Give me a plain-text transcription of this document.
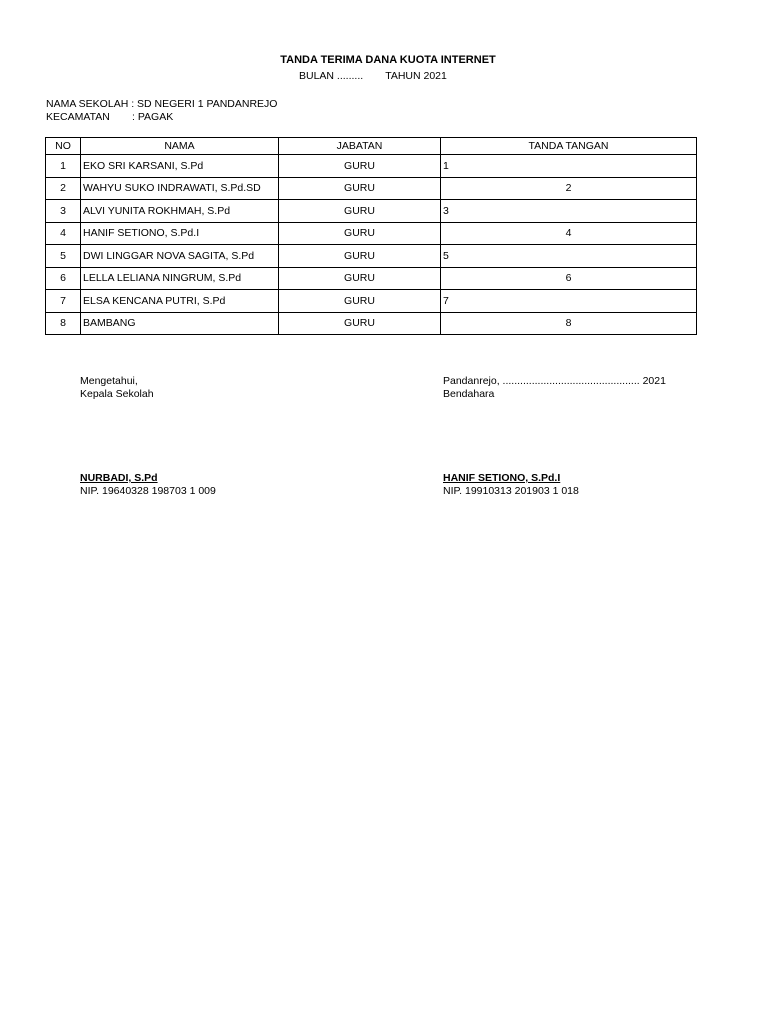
TANDA TERIMA DANA KUOTA INTERNET
BULAN ......... TAHUN 2021
NAMA SEKOLAH : SD NEGERI 1 PANDANREJO
KECAMATAN : PAGAK
NO	NAMA	JABATAN	TANDA TANGAN
1	EKO SRI KARSANI, S.Pd	GURU	1
2	WAHYU SUKO INDRAWATI, S.Pd.SD	GURU	2
3	ALVI YUNITA ROKHMAH, S.Pd	GURU	3
4	HANIF SETIONO, S.Pd.I	GURU	4
5	DWI LINGGAR NOVA SAGITA, S.Pd	GURU	5
6	LELLA LELIANA NINGRUM, S.Pd	GURU	6
7	ELSA KENCANA PUTRI, S.Pd	GURU	7
8	BAMBANG	GURU	8
Mengetahui,
Kepala Sekolah
NURBADI, S.Pd
NIP. 19640328 198703 1 009
Pandanrejo, ............................................... 2021
Bendahara
HANIF SETIONO, S.Pd.I
NIP. 19910313 201903 1 018
